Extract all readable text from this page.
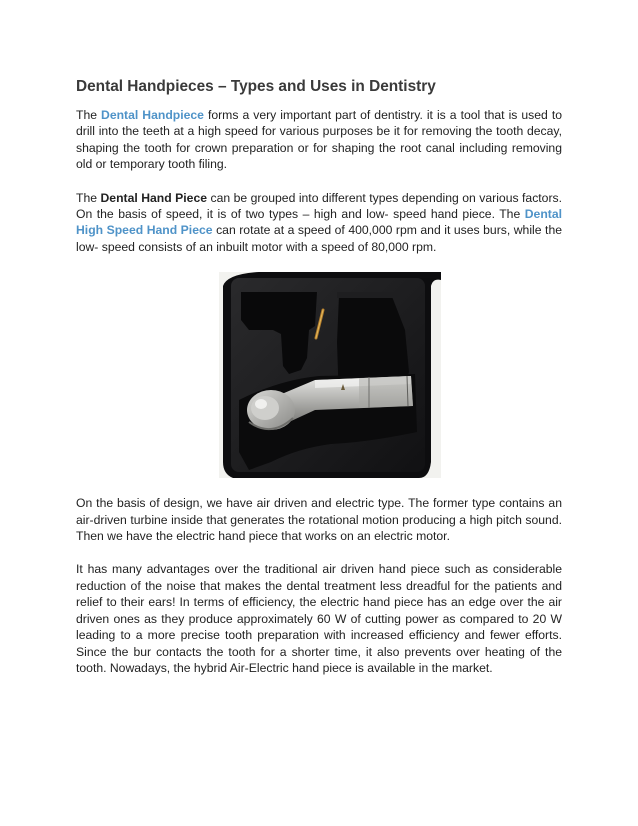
Dental Handpieces – Types and Uses in Dentistry

The Dental Handpiece forms a very important part of dentistry. it is a tool that is used to drill into the teeth at a high speed for various purposes be it for removing the tooth decay, shaping the tooth for crown preparation or for shaping the root canal including removing old or temporary tooth filing.

The Dental Hand Piece can be grouped into different types depending on various factors. On the basis of speed, it is of two types – high and low- speed hand piece. The Dental High Speed Hand Piece can rotate at a speed of 400,000 rpm and it uses burs, while the low- speed consists of an inbuilt motor with a speed of 80,000 rpm.

On the basis of design, we have air driven and electric type. The former type contains an air-driven turbine inside that generates the rotational motion producing a high pitch sound. Then we have the electric hand piece that works on an electric motor.

It has many advantages over the traditional air driven hand piece such as considerable reduction of the noise that makes the dental treatment less dreadful for the patients and relief to their ears! In terms of efficiency, the electric hand piece has an edge over the air driven ones as they produce approximately 60 W of cutting power as compared to 20 W leading to a more precise tooth preparation with increased efficiency and fewer efforts. Since the bur contacts the tooth for a shorter time, it also prevents over heating of the tooth. Nowadays, the hybrid Air-Electric hand piece is available in the market.
